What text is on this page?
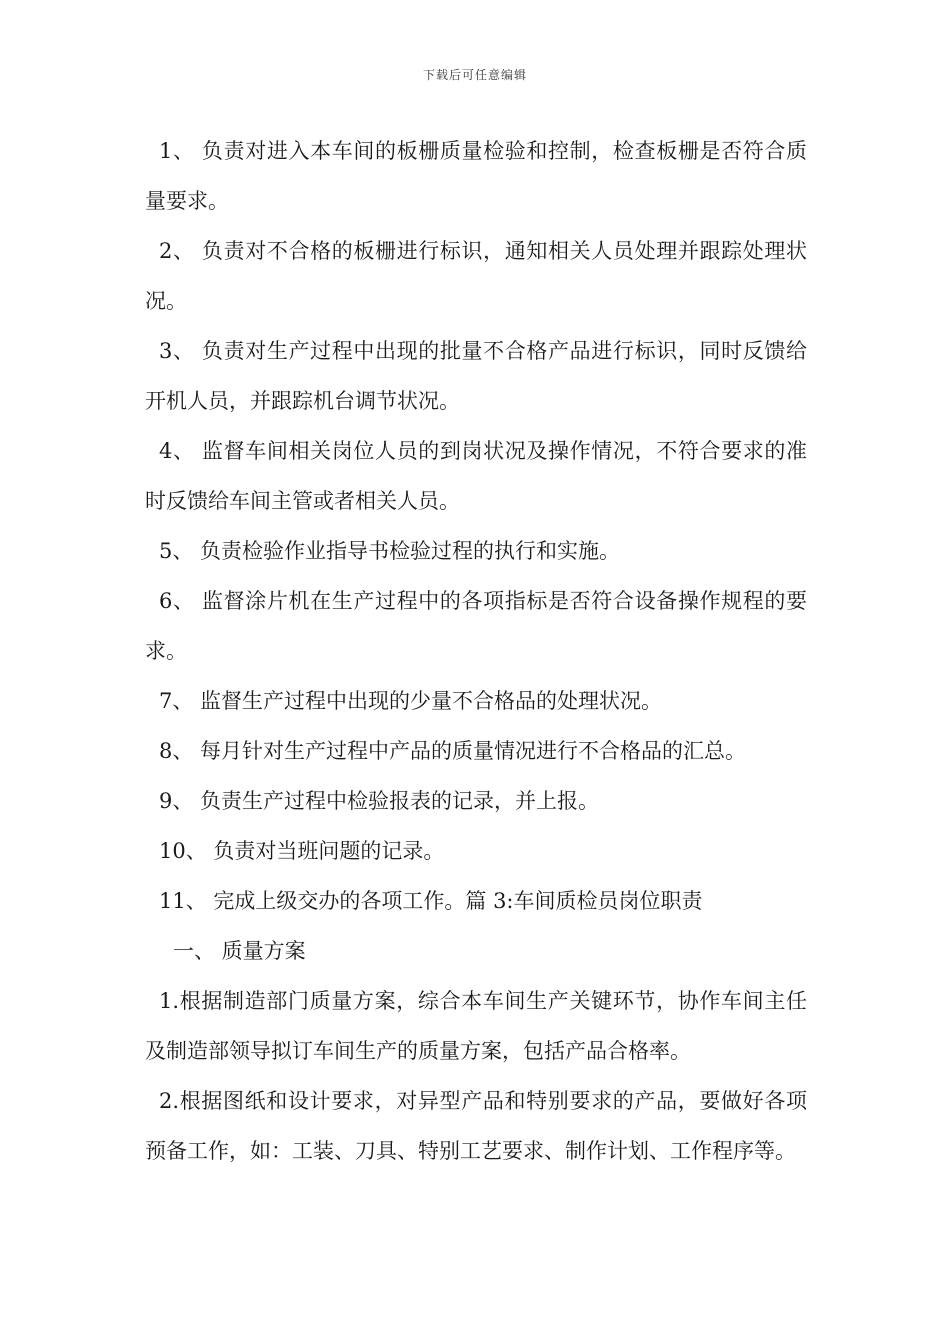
下载后可任意编辑

1、 负责对进入本车间的板栅质量检验和控制，检查板栅是否符合质量要求。

2、 负责对不合格的板栅进行标识，通知相关人员处理并跟踪处理状况。

3、 负责对生产过程中出现的批量不合格产品进行标识，同时反馈给开机人员，并跟踪机台调节状况。

4、 监督车间相关岗位人员的到岗状况及操作情况，不符合要求的准时反馈给车间主管或者相关人员。

5、 负责检验作业指导书检验过程的执行和实施。

6、 监督涂片机在生产过程中的各项指标是否符合设备操作规程的要求。

7、 监督生产过程中出现的少量不合格品的处理状况。

8、 每月针对生产过程中产品的质量情况进行不合格品的汇总。

9、 负责生产过程中检验报表的记录，并上报。

10、 负责对当班问题的记录。

11、 完成上级交办的各项工作。篇 3:车间质检员岗位职责

一、 质量方案

1.根据制造部门质量方案，综合本车间生产关键环节，协作车间主任及制造部领导拟订车间生产的质量方案，包括产品合格率。

2.根据图纸和设计要求，对异型产品和特别要求的产品，要做好各项预备工作，如：工装、刀具、特别工艺要求、制作计划、工作程序等。
